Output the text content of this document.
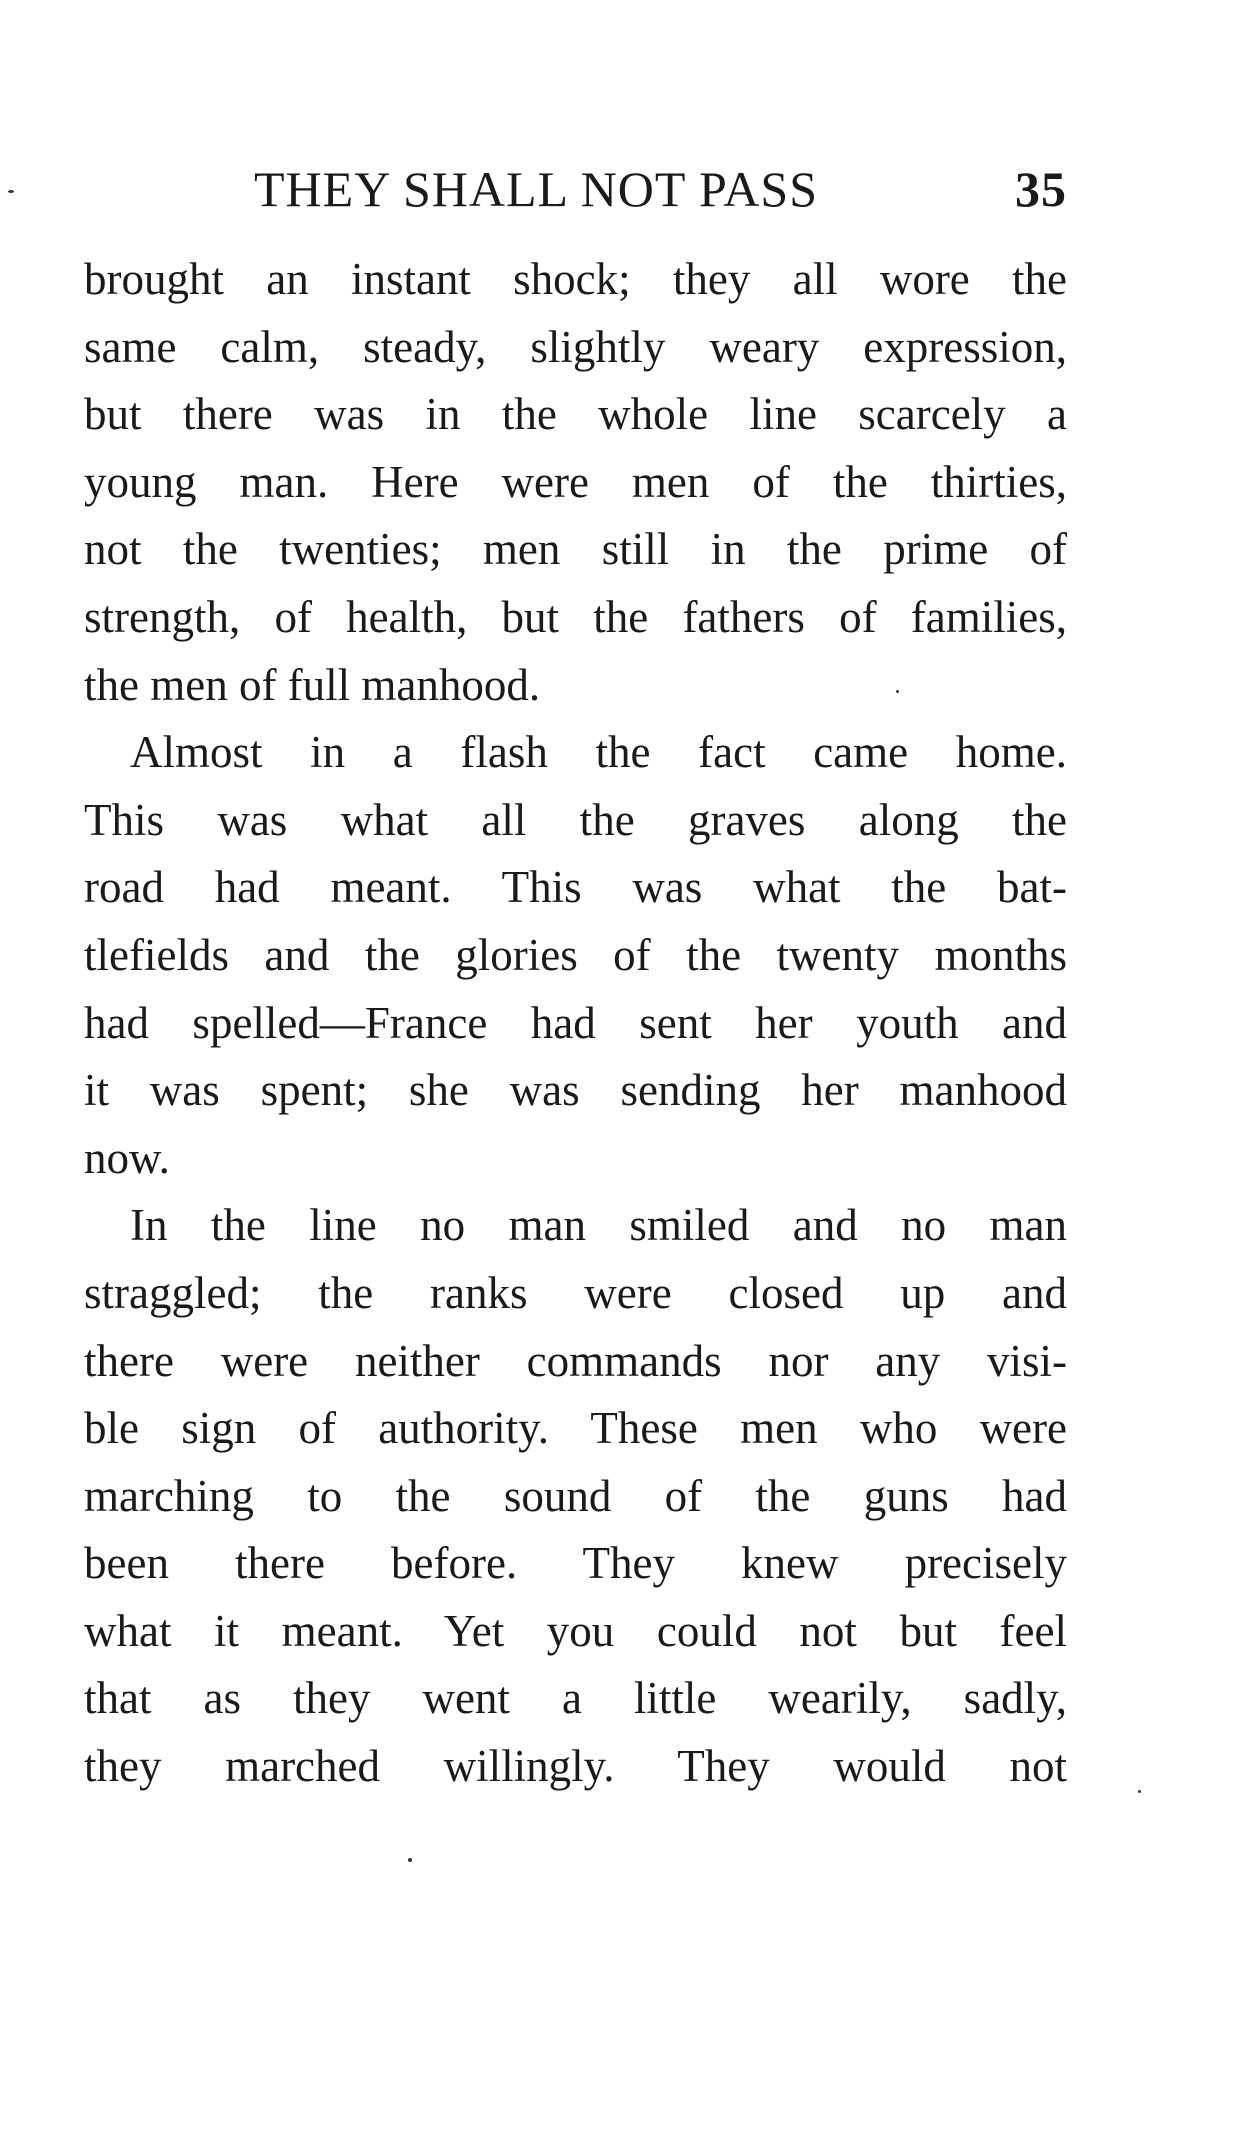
THEY SHALL NOT PASS	35
brought an instant shock; they all wore the
same calm, steady, slightly weary expression,
but there was in the whole line scarcely a
young man. Here were men of the thirties,
not the twenties; men still in the prime of
strength, of health, but the fathers of families,
the men of full manhood.
Almost in a flash the fact came home.
This was what all the graves along the
road had meant. This was what the bat-
tlefields and the glories of the twenty months
had spelled—France had sent her youth and
it was spent; she was sending her manhood
now.
In the line no man smiled and no man
straggled; the ranks were closed up and
there were neither commands nor any visi-
ble sign of authority. These men who were
marching to the sound of the guns had
been there before. They knew precisely
what it meant. Yet you could not but feel
that as they went a little wearily, sadly,
they marched willingly. They would not
